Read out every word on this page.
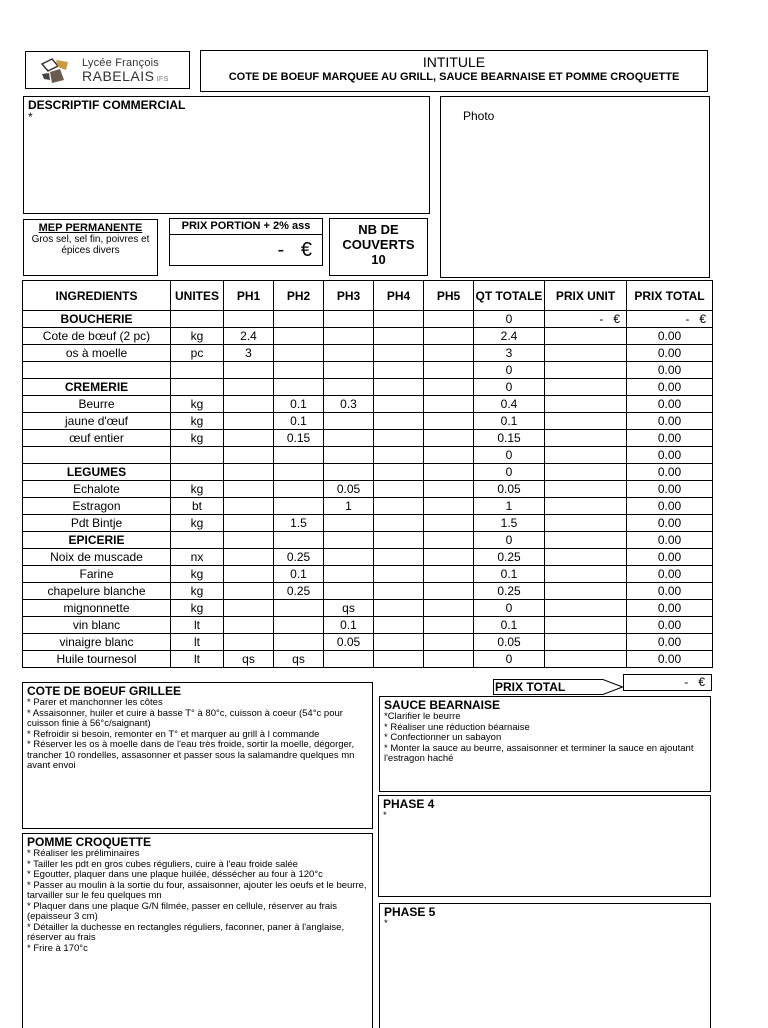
Lycée François
RABELAIS IFS
INTITULE
COTE DE BOEUF MARQUEE AU GRILL, SAUCE BEARNAISE ET POMME CROQUETTE
DESCRIPTIF COMMERCIAL
*	Photo
MEP PERMANENTE
Gros sel, sel fin, poivres et épices divers
PRIX PORTION + 2% ass
- €
NB DE
COUVERTS
10
INGREDIENTS	UNITES	PH1	PH2	PH3	PH4	PH5	QT TOTALE	PRIX UNIT	PRIX TOTAL
BOUCHERIE							0	- €	- €

Cote de bœuf (2 pc)	kg	2.4					2.4		0.00
os à moelle	pc	3					3		0.00
							0		0.00
CREMERIE							0		0.00
Beurre	kg		0.1	0.3			0.4		0.00
jaune d'œuf	kg		0.1				0.1		0.00
œuf entier	kg		0.15				0.15		0.00
							0		0.00
LEGUMES							0		0.00
Echalote	kg			0.05			0.05		0.00
Estragon	bt			1			1		0.00
Pdt Bintje	kg		1.5				1.5		0.00
EPICERIE							0		0.00
Noix de muscade	nx		0.25				0.25		0.00
Farine	kg		0.1				0.1		0.00
chapelure blanche	kg		0.25				0.25		0.00
mignonnette	kg			qs			0		0.00
vin blanc	lt			0.1			0.1		0.00
vinaigre blanc	lt			0.05			0.05		0.00
Huile tournesol	lt	qs	qs				0		0.00
PRIX TOTAL	- €
COTE DE BOEUF GRILLEE
* Parer et manchonner les côtes
* Assaisonner, huiler et cuire à basse T° à 80°c, cuisson à coeur (54°c pour cuisson finie à 56°c/saignant)
* Refroidir si besoin, remonter en T° et marquer au grill à l commande
* Réserver les os à moelle dans de l'eau très froide, sortir la moelle, dégorger, trancher 10 rondelles, assasonner et passer sous la salamandre quelques mn avant envoi
SAUCE BEARNAISE
*Clarifier le beurre
* Réaliser une réduction béarnaise
* Confectionner un sabayon
* Monter la sauce au beurre, assaisonner et terminer la sauce en ajoutant l'estragon haché
PHASE 4
*
POMME CROQUETTE
* Réaliser les préliminaires
* Tailler les pdt en gros cubes réguliers, cuire à l'eau froide salée
* Egoutter, plaquer dans une plaque huilée, déssécher au four à 120°c
* Passer au moulin à la sortie du four, assaisonner, ajouter les oeufs et le beurre, tarvailler sur le feu quelques mn
* Plaquer dans une plaque G/N filmée, passer en cellule, réserver au frais (epaisseur 3 cm)
* Détailler la duchesse en rectangles réguliers, faconner, paner à l'anglaise, réserver au frais
* Frire à 170°c
PHASE 5
*
